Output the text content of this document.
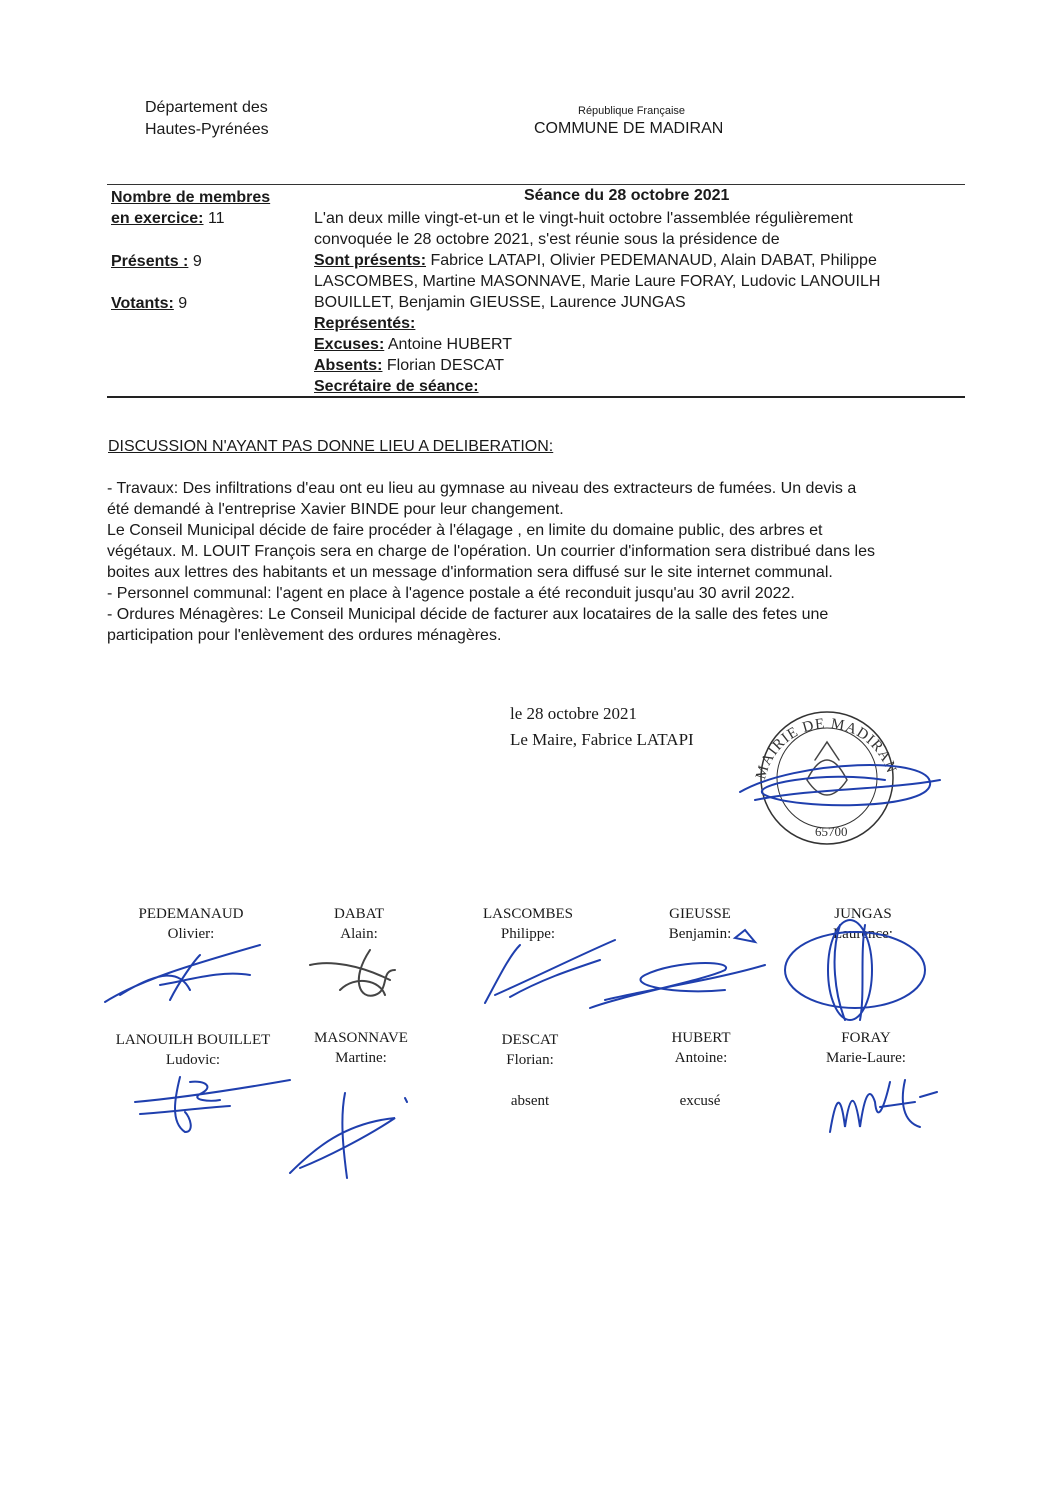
Département des
Hautes-Pyrénées
République Française
COMMUNE DE MADIRAN
Nombre de membres
en exercice: 11
Présents : 9
Votants: 9
Séance du 28 octobre 2021
L'an deux mille vingt-et-un et le vingt-huit octobre l'assemblée régulièrement
convoquée le 28 octobre 2021, s'est réunie sous la présidence de
Sont présents: Fabrice LATAPI, Olivier PEDEMANAUD, Alain DABAT, Philippe
LASCOMBES, Martine MASONNAVE, Marie Laure FORAY, Ludovic LANOUILH
BOUILLET, Benjamin GIEUSSE, Laurence JUNGAS
Représentés:
Excuses: Antoine HUBERT
Absents: Florian DESCAT
Secrétaire de séance:
DISCUSSION N'AYANT PAS DONNE LIEU A DELIBERATION:

- Travaux: Des infiltrations d'eau ont eu lieu au gymnase au niveau des extracteurs de fumées. Un devis a

été demandé à l'entreprise Xavier BINDE pour leur changement.

Le Conseil Municipal décide de faire procéder à l'élagage , en limite du domaine public, des arbres et

végétaux. M. LOUIT François sera en charge de l'opération. Un courrier d'information sera distribué dans les

boites aux lettres des habitants et un message d'information sera diffusé sur le site internet communal.

- Personnel communal: l'agent en place à l'agence postale a été reconduit jusqu'au 30 avril 2022.

- Ordures Ménagères: Le Conseil Municipal décide de facturer aux locataires de la salle des fetes une

participation pour l'enlèvement des ordures ménagères.

le 28 octobre 2021
Le Maire, Fabrice LATAPI
MAIRIE DE MADIRAN
65700
PEDEMANAUD
Olivier:
DABAT
Alain:
LASCOMBES
Philippe:
GIEUSSE
Benjamin:
JUNGAS
Laurence:
LANOUILH BOUILLET
Ludovic:
MASONNAVE
Martine:
DESCAT
Florian:
HUBERT
Antoine:
FORAY
Marie-Laure:
absent	excusé
